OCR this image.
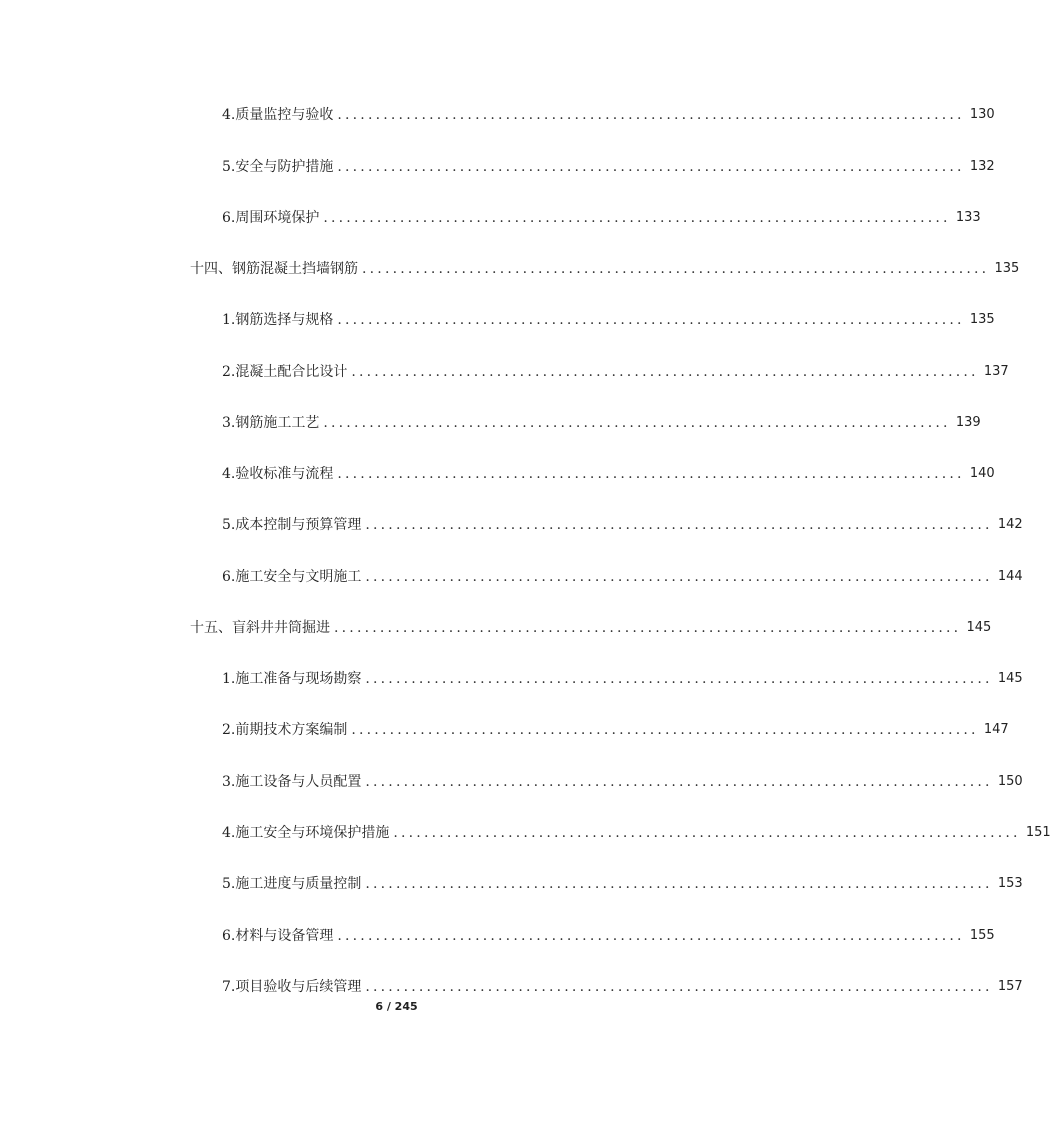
4.质量监控与验收 .................................................................................. 130
5.安全与防护措施 .................................................................................. 132
6.周围环境保护 .................................................................................. 133
十四、钢筋混凝土挡墙钢筋 .................................................................................. 135
1.钢筋选择与规格 .................................................................................. 135
2.混凝土配合比设计 .................................................................................. 137
3.钢筋施工工艺 .................................................................................. 139
4.验收标准与流程 .................................................................................. 140
5.成本控制与预算管理 .................................................................................. 142
6.施工安全与文明施工 .................................................................................. 144
十五、盲斜井井筒掘进 .................................................................................. 145
1.施工准备与现场勘察 .................................................................................. 145
2.前期技术方案编制 .................................................................................. 147
3.施工设备与人员配置 .................................................................................. 150
4.施工安全与环境保护措施 .................................................................................. 151
5.施工进度与质量控制 .................................................................................. 153
6.材料与设备管理 .................................................................................. 155
7.项目验收与后续管理 .................................................................................. 157
6 / 245
